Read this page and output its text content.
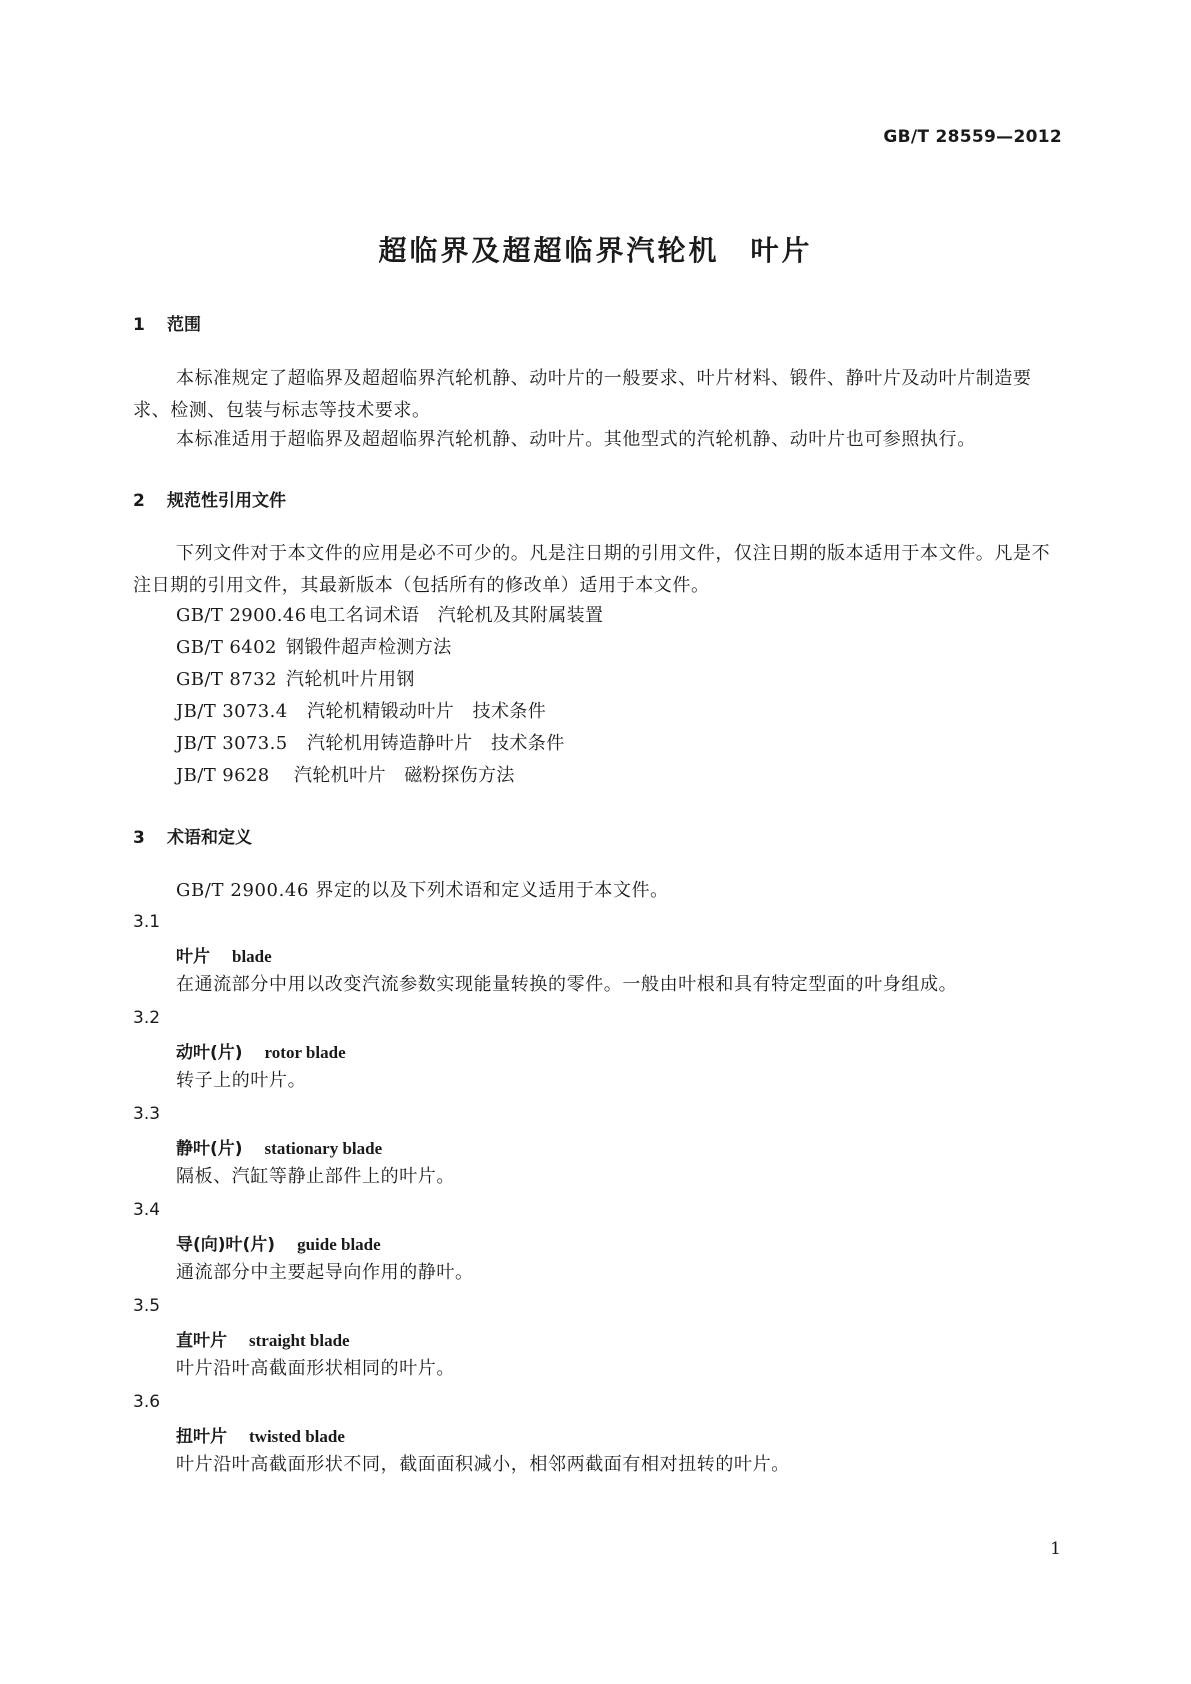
GB/T 28559—2012
超临界及超超临界汽轮机　叶片
1 范围

本标准规定了超临界及超超临界汽轮机静、动叶片的一般要求、叶片材料、锻件、静叶片及动叶片制造要求、检测、包装与标志等技术要求。

本标准适用于超临界及超超临界汽轮机静、动叶片。其他型式的汽轮机静、动叶片也可参照执行。

2 规范性引用文件

下列文件对于本文件的应用是必不可少的。凡是注日期的引用文件，仅注日期的版本适用于本文件。凡是不注日期的引用文件，其最新版本（包括所有的修改单）适用于本文件。

GB/T 2900.46 电工名词术语　汽轮机及其附属装置
GB/T 6402 钢锻件超声检测方法
GB/T 8732 汽轮机叶片用钢
JB/T 3073.4 汽轮机精锻动叶片　技术条件
JB/T 3073.5 汽轮机用铸造静叶片　技术条件
JB/T 9628 汽轮机叶片　磁粉探伤方法
3 术语和定义

GB/T 2900.46 界定的以及下列术语和定义适用于本文件。

3.1
叶片 blade
在通流部分中用以改变汽流参数实现能量转换的零件。一般由叶根和具有特定型面的叶身组成。
3.2
动叶(片) rotor blade
转子上的叶片。
3.3
静叶(片) stationary blade
隔板、汽缸等静止部件上的叶片。
3.4
导(向)叶(片) guide blade
通流部分中主要起导向作用的静叶。
3.5
直叶片 straight blade
叶片沿叶高截面形状相同的叶片。
3.6
扭叶片 twisted blade
叶片沿叶高截面形状不同，截面面积减小，相邻两截面有相对扭转的叶片。
1
